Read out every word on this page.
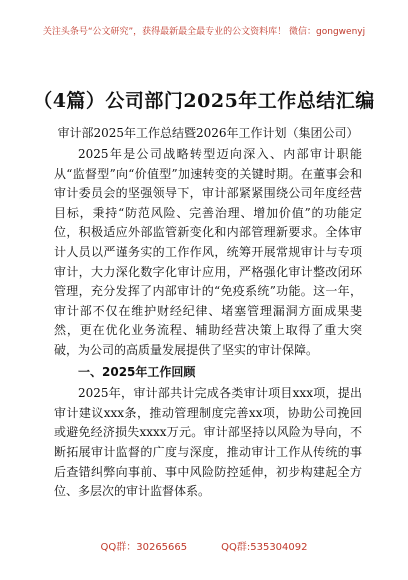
关注头条号“公文研究”，获得最新最全最专业的公文资料库！ 微信：gongwenyj
（4篇）公司部门2025年工作总结汇编
审计部2025年工作总结暨2026年工作计划（集团公司）

2025年是公司战略转型迈向深入、内部审计职能从“监督型”向“价值型”加速转变的关键时期。在董事会和审计委员会的坚强领导下，审计部紧紧围绕公司年度经营目标，秉持“防范风险、完善治理、增加价值”的功能定位，积极适应外部监管新变化和内部管理新要求。全体审计人员以严谨务实的工作作风，统筹开展常规审计与专项审计，大力深化数字化审计应用，严格强化审计整改闭环管理，充分发挥了内部审计的“免疫系统”功能。这一年，审计部不仅在维护财经纪律、堵塞管理漏洞方面成果斐然，更在优化业务流程、辅助经营决策上取得了重大突破，为公司的高质量发展提供了坚实的审计保障。

一、2025年工作回顾

2025年，审计部共计完成各类审计项目xxx项，提出审计建议xxx条，推动管理制度完善xx项，协助公司挽回或避免经济损失xxxx万元。审计部坚持以风险为导向，不断拓展审计监督的广度与深度，推动审计工作从传统的事后查错纠弊向事前、事中风险防控延伸，初步构建起全方位、多层次的审计监督体系。

QQ群：30265665	QQ群:535304092
